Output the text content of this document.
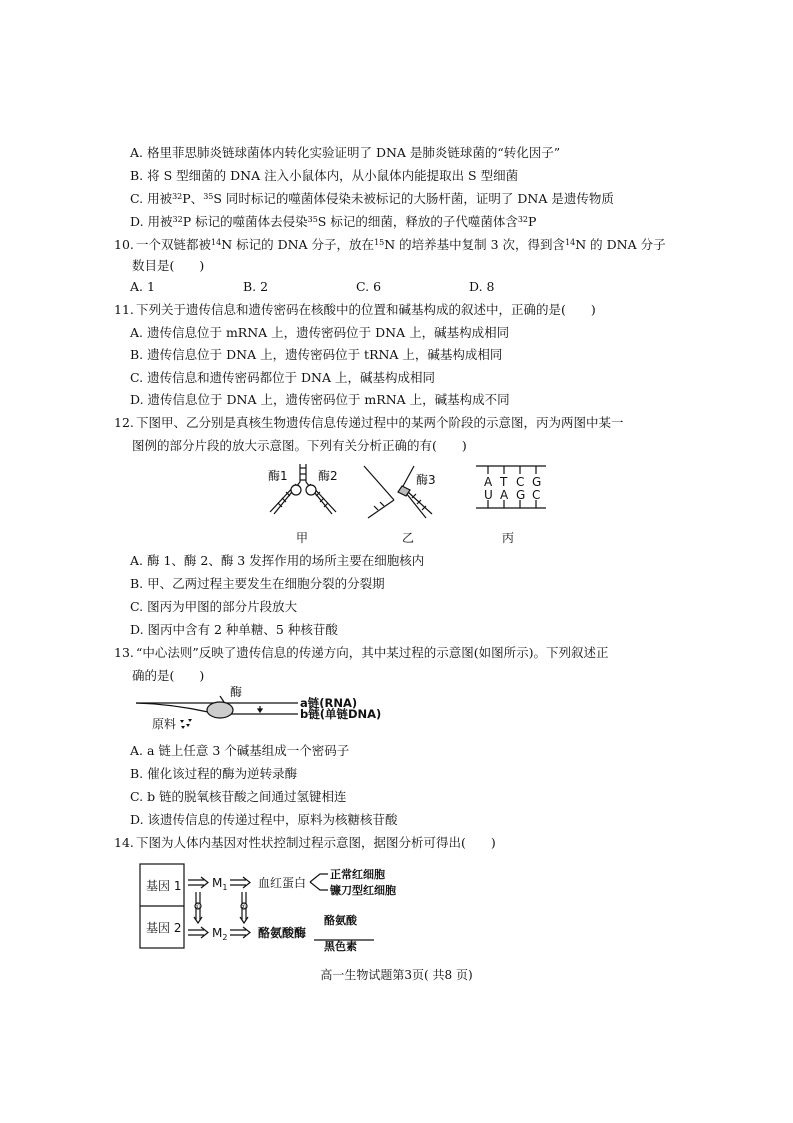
A. 格里菲思肺炎链球菌体内转化实验证明了 DNA 是肺炎链球菌的“转化因子”
B. 将 S 型细菌的 DNA 注入小鼠体内，从小鼠体内能提取出 S 型细菌
C. 用被$^{32}$P、$^{35}$S 同时标记的噬菌体侵染未被标记的大肠杆菌，证明了 DNA 是遗传物质
D. 用被$^{32}$P 标记的噬菌体去侵染$^{35}$S 标记的细菌，释放的子代噬菌体含$^{32}$P
10. 一个双链都被$^{14}$N 标记的 DNA 分子，放在$^{15}$N 的培养基中复制 3 次，得到含$^{14}$N 的 DNA 分子
数目是(　　)
A. 1	B. 2	C. 6	D. 8
11. 下列关于遗传信息和遗传密码在核酸中的位置和碱基构成的叙述中，正确的是(　　)
A. 遗传信息位于 mRNA 上，遗传密码位于 DNA 上，碱基构成相同
B. 遗传信息位于 DNA 上，遗传密码位于 tRNA 上，碱基构成相同
C. 遗传信息和遗传密码都位于 DNA 上，碱基构成相同
D. 遗传信息位于 DNA 上，遗传密码位于 mRNA 上，碱基构成不同
12. 下图甲、乙分别是真核生物遗传信息传递过程中的某两个阶段的示意图，丙为两图中某一
图例的部分片段的放大示意图。下列有关分析正确的有(　　)
酶1	酶2	酶3	A T C G
U A G C
甲	乙	丙
A. 酶 1、酶 2、酶 3 发挥作用的场所主要在细胞核内
B. 甲、乙两过程主要发生在细胞分裂的分裂期
C. 图丙为甲图的部分片段放大
D. 图丙中含有 2 种单糖、5 种核苷酸
13. “中心法则”反映了遗传信息的传递方向，其中某过程的示意图(如图所示)。下列叙述正
确的是(　　)
酶
原料
a链(RNA)
b链(单链DNA)
A. a 链上任意 3 个碱基组成一个密码子
B. 催化该过程的酶为逆转录酶
C. b 链的脱氧核苷酸之间通过氢键相连
D. 该遗传信息的传递过程中，原料为核糖核苷酸
14. 下图为人体内基因对性状控制过程示意图，据图分析可得出(　　)
基因 1
基因 2
$M_1$
$M_2$
①	②
血红蛋白
正常红细胞
镰刀型红细胞
酪氨酸酶
酪氨酸
黑色素
高一生物试题第3页( 共8 页)
